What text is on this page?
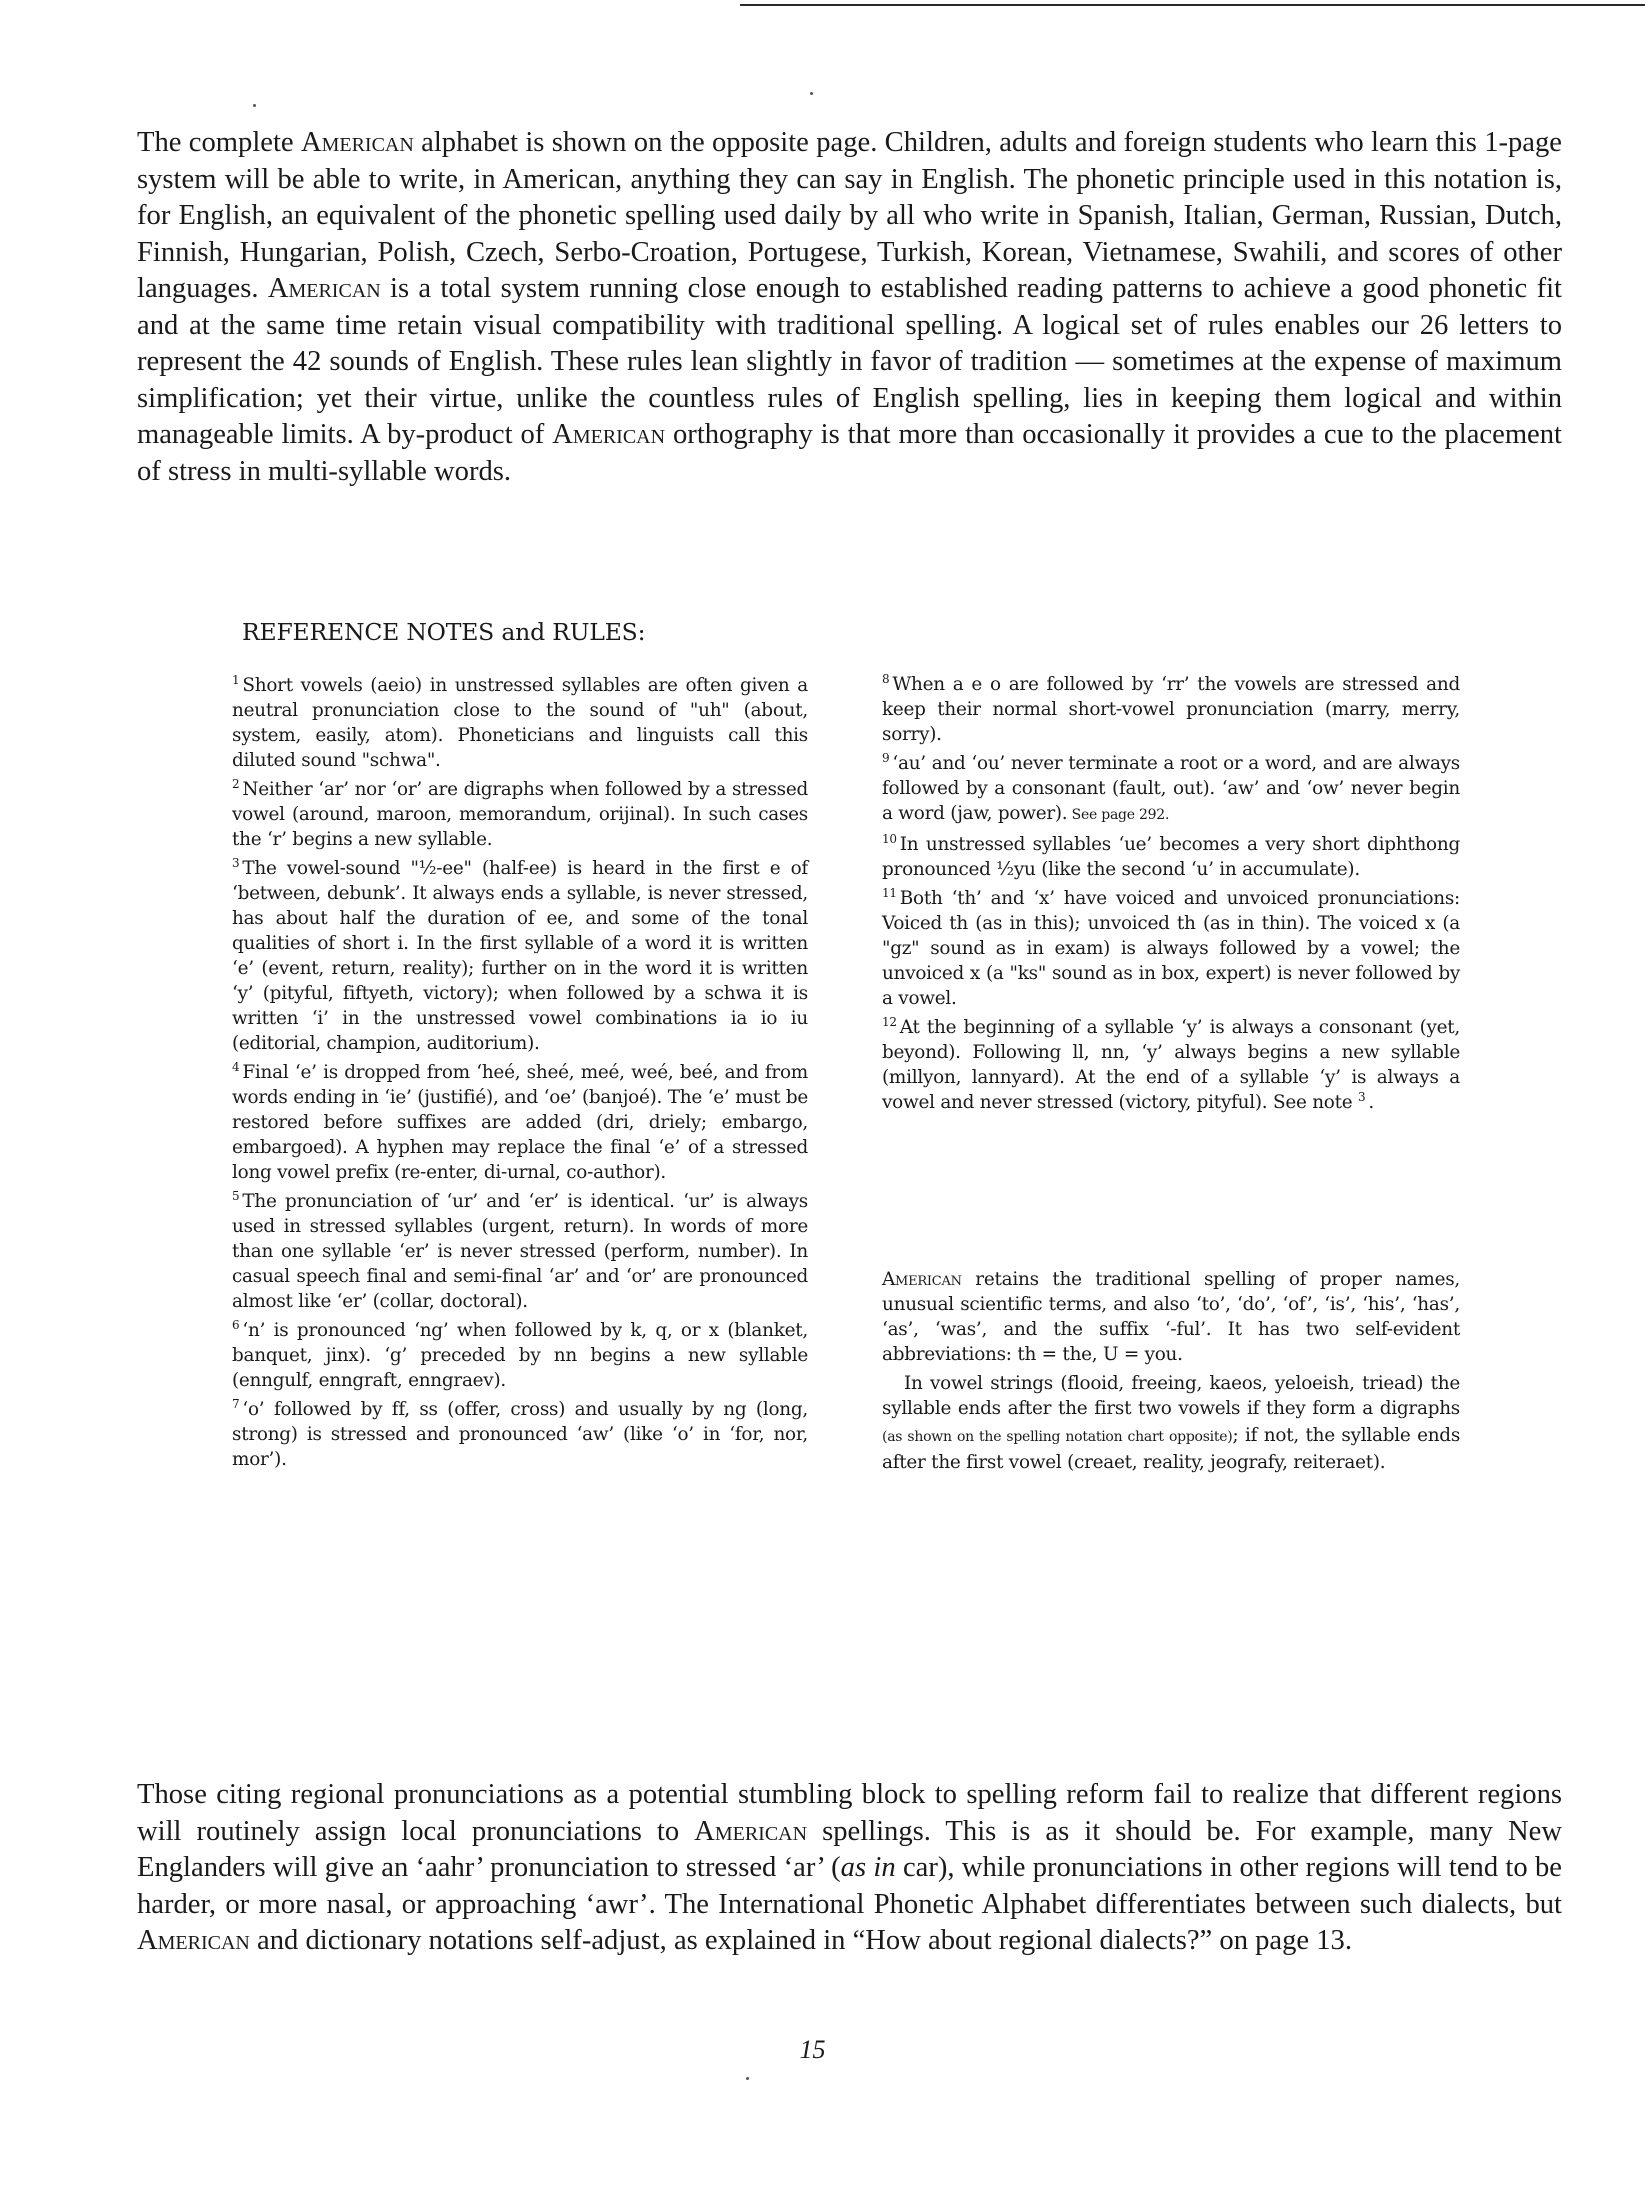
The complete American alphabet is shown on the opposite page. Children, adults and foreign students who learn this 1-page system will be able to write, in American, anything they can say in English. The phonetic principle used in this notation is, for English, an equivalent of the phonetic spelling used daily by all who write in Spanish, Italian, German, Russian, Dutch, Finnish, Hungarian, Polish, Czech, Serbo-Croation, Portugese, Turkish, Korean, Vietnamese, Swahili, and scores of other languages. American is a total system running close enough to established reading patterns to achieve a good phonetic fit and at the same time retain visual compatibility with traditional spelling. A logical set of rules enables our 26 letters to represent the 42 sounds of English. These rules lean slightly in favor of tradition — sometimes at the expense of maximum simplification; yet their virtue, unlike the countless rules of English spelling, lies in keeping them logical and within manageable limits. A by-product of American orthography is that more than occasionally it provides a cue to the placement of stress in multi-syllable words.

REFERENCE NOTES and RULES:

$^1$ Short vowels (aeio) in unstressed syllables are often given a neutral pronunciation close to the sound of "uh" (about, system, easily, atom). Phoneticians and linguists call this diluted sound "schwa".

$^2$ Neither ‘ar’ nor ‘or’ are digraphs when followed by a stressed vowel (around, maroon, memorandum, orijinal). In such cases the ‘r’ begins a new syllable.

$^3$ The vowel-sound "½-ee" (half-ee) is heard in the first e of ‘between, debunk’. It always ends a syllable, is never stressed, has about half the duration of ee, and some of the tonal qualities of short i. In the first syllable of a word it is written ‘e’ (event, return, reality); further on in the word it is written ‘y’ (pityful, fiftyeth, victory); when followed by a schwa it is written ‘i’ in the unstressed vowel combinations ia io iu (editorial, champion, auditorium).

$^4$ Final ‘e’ is dropped from ‘heé, sheé, meé, weé, beé, and from words ending in ‘ie’ (justifié), and ‘oe’ (banjoé). The ‘e’ must be restored before suffixes are added (dri, driely; embargo, embargoed). A hyphen may replace the final ‘e’ of a stressed long vowel prefix (re-enter, di-urnal, co-author).

$^5$ The pronunciation of ‘ur’ and ‘er’ is identical. ‘ur’ is always used in stressed syllables (urgent, return). In words of more than one syllable ‘er’ is never stressed (perform, number). In casual speech final and semi-final ‘ar’ and ‘or’ are pronounced almost like ‘er’ (collar, doctoral).

$^6$ ‘n’ is pronounced ‘ng’ when followed by k, q, or x (blanket, banquet, jinx). ‘g’ preceded by nn begins a new syllable (enngulf, enngraft, enngraev).

$^7$ ‘o’ followed by ff, ss (offer, cross) and usually by ng (long, strong) is stressed and pronounced ‘aw’ (like ‘o’ in ‘for, nor, mor’).

$^8$ When a e o are followed by ‘rr’ the vowels are stressed and keep their normal short-vowel pronunciation (marry, merry, sorry).

$^9$ ‘au’ and ‘ou’ never terminate a root or a word, and are always followed by a consonant (fault, out). ‘aw’ and ‘ow’ never begin a word (jaw, power). See page 292.

$^{10}$ In unstressed syllables ‘ue’ becomes a very short diphthong pronounced ½yu (like the second ‘u’ in accumulate).

$^{11}$ Both ‘th’ and ‘x’ have voiced and unvoiced pronunciations: Voiced th (as in this); unvoiced th (as in thin). The voiced x (a "gz" sound as in exam) is always followed by a vowel; the unvoiced x (a "ks" sound as in box, expert) is never followed by a vowel.

$^{12}$ At the beginning of a syllable ‘y’ is always a consonant (yet, beyond). Following ll, nn, ‘y’ always begins a new syllable (millyon, lannyard). At the end of a syllable ‘y’ is always a vowel and never stressed (victory, pityful). See note $^3$ .

American retains the traditional spelling of proper names, unusual scientific terms, and also ‘to’, ‘do’, ‘of’, ‘is’, ‘his’, ‘has’, ‘as’, ‘was’, and the suffix ‘-ful’. It has two self-evident abbreviations: th = the, U = you.

In vowel strings (flooid, freeing, kaeos, yeloeish, triead) the syllable ends after the first two vowels if they form a digraphs (as shown on the spelling notation chart opposite); if not, the syllable ends after the first vowel (creaet, reality, jeografy, reiteraet).

Those citing regional pronunciations as a potential stumbling block to spelling reform fail to realize that different regions will routinely assign local pronunciations to American spellings. This is as it should be. For example, many New Englanders will give an ‘aahr’ pronunciation to stressed ‘ar’ (as in car), while pronunciations in other regions will tend to be harder, or more nasal, or approaching ‘awr’. The International Phonetic Alphabet differentiates between such dialects, but American and dictionary notations self-adjust, as explained in “How about regional dialects?” on page 13.

15
